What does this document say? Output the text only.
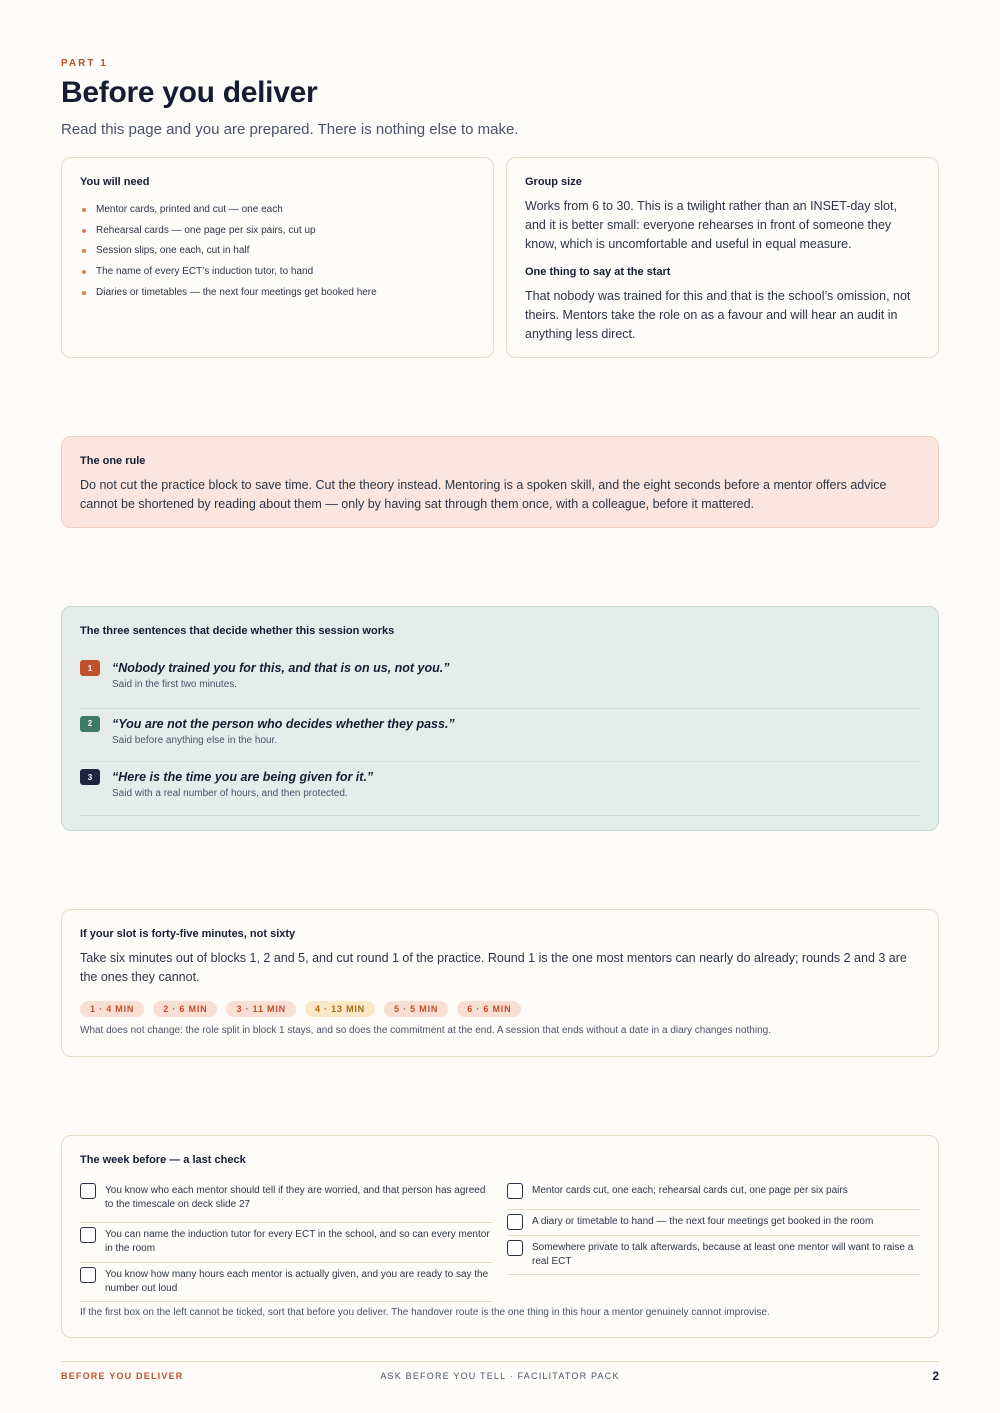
PART 1
Before you deliver
Read this page and you are prepared. There is nothing else to make.
You will need
Mentor cards, printed and cut — one each
Rehearsal cards — one page per six pairs, cut up
Session slips, one each, cut in half
The name of every ECT’s induction tutor, to hand
Diaries or timetables — the next four meetings get booked here
Group size

Works from 6 to 30. This is a twilight rather than an INSET-day slot, and it is better small: everyone rehearses in front of someone they know, which is uncomfortable and useful in equal measure.

One thing to say at the start

That nobody was trained for this and that is the school’s omission, not theirs. Mentors take the role on as a favour and will hear an audit in anything less direct.

The one rule

Do not cut the practice block to save time. Cut the theory instead. Mentoring is a spoken skill, and the eight seconds before a mentor offers advice cannot be shortened by reading about them — only by having sat through them once, with a colleague, before it mattered.

The three sentences that decide whether this session works
1	“Nobody trained you for this, and that is on us, not you.”
Said in the first two minutes.
2	“You are not the person who decides whether they pass.”
Said before anything else in the hour.
3	“Here is the time you are being given for it.”
Said with a real number of hours, and then protected.
If your slot is forty-five minutes, not sixty

Take six minutes out of blocks 1, 2 and 5, and cut round 1 of the practice. Round 1 is the one most mentors can nearly do already; rounds 2 and 3 are the ones they cannot.

1 · 4 MIN	2 · 6 MIN	3 · 11 MIN	4 · 13 MIN	5 · 5 MIN	6 · 6 MIN
What does not change: the role split in block 1 stays, and so does the commitment at the end. A session that ends without a date in a diary changes nothing.
The week before — a last check
You know who each mentor should tell if they are worried, and that person has agreed to the timescale on deck slide 27
You can name the induction tutor for every ECT in the school, and so can every mentor in the room
You know how many hours each mentor is actually given, and you are ready to say the number out loud
Mentor cards cut, one each; rehearsal cards cut, one page per six pairs
A diary or timetable to hand — the next four meetings get booked in the room
Somewhere private to talk afterwards, because at least one mentor will want to raise a real ECT
If the first box on the left cannot be ticked, sort that before you deliver. The handover route is the one thing in this hour a mentor genuinely cannot improvise.
BEFORE YOU DELIVER	ASK BEFORE YOU TELL · FACILITATOR PACK	2
